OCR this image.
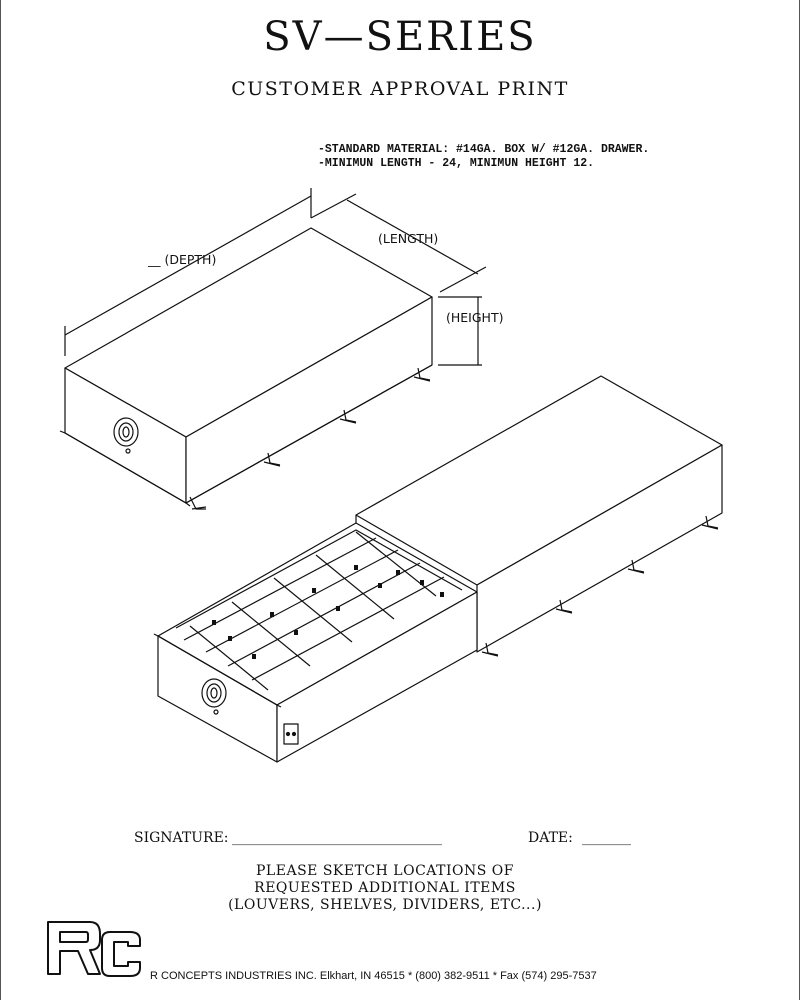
SV—SERIES
CUSTOMER APPROVAL PRINT
-STANDARD MATERIAL: #14GA. BOX W/ #12GA. DRAWER.
-MINIMUN LENGTH - 24, MINIMUN HEIGHT 12.
__ (DEPTH)
(LENGTH)
(HEIGHT)
SIGNATURE: ______________________________	DATE: _______
PLEASE SKETCH LOCATIONS OF
REQUESTED ADDITIONAL ITEMS
(LOUVERS, SHELVES, DIVIDERS, ETC...)
R CONCEPTS INDUSTRIES INC. Elkhart, IN 46515 * (800) 382-9511 * Fax (574) 295-7537
